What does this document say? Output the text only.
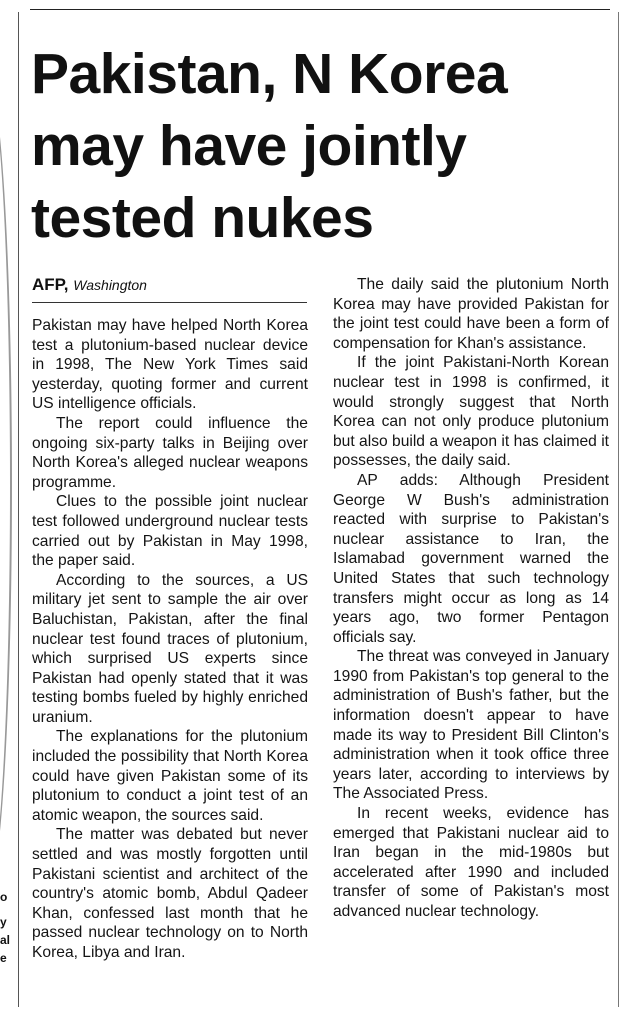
o
y
al
e
Pakistan, N Korea may have jointly tested nukes
AFP, Washington

Pakistan may have helped North Korea test a plutonium-based nuclear device in 1998, The New York Times said yesterday, quoting former and current US intelligence officials.

The report could influence the ongoing six-party talks in Beijing over North Korea's alleged nuclear weapons programme.

Clues to the possible joint nuclear test followed underground nuclear tests carried out by Pakistan in May 1998, the paper said.

According to the sources, a US military jet sent to sample the air over Baluchistan, Pakistan, after the final nuclear test found traces of plutonium, which surprised US experts since Pakistan had openly stated that it was testing bombs fueled by highly enriched uranium.

The explanations for the plutonium included the possibility that North Korea could have given Pakistan some of its plutonium to conduct a joint test of an atomic weapon, the sources said.

The matter was debated but never settled and was mostly forgotten until Pakistani scientist and architect of the country's atomic bomb, Abdul Qadeer Khan, confessed last month that he passed nuclear technology on to North Korea, Libya and Iran.

The daily said the plutonium North Korea may have provided Pakistan for the joint test could have been a form of compensation for Khan's assistance.

If the joint Pakistani-North Korean nuclear test in 1998 is confirmed, it would strongly suggest that North Korea can not only produce plutonium but also build a weapon it has claimed it possesses, the daily said.

AP adds: Although President George W Bush's administration reacted with surprise to Pakistan's nuclear assistance to Iran, the Islamabad government warned the United States that such technology transfers might occur as long as 14 years ago, two former Pentagon officials say.

The threat was conveyed in January 1990 from Pakistan's top general to the administration of Bush's father, but the information doesn't appear to have made its way to President Bill Clinton's administration when it took office three years later, according to interviews by The Associated Press.

In recent weeks, evidence has emerged that Pakistani nuclear aid to Iran began in the mid-1980s but accelerated after 1990 and included transfer of some of Pakistan's most advanced nuclear technology.
